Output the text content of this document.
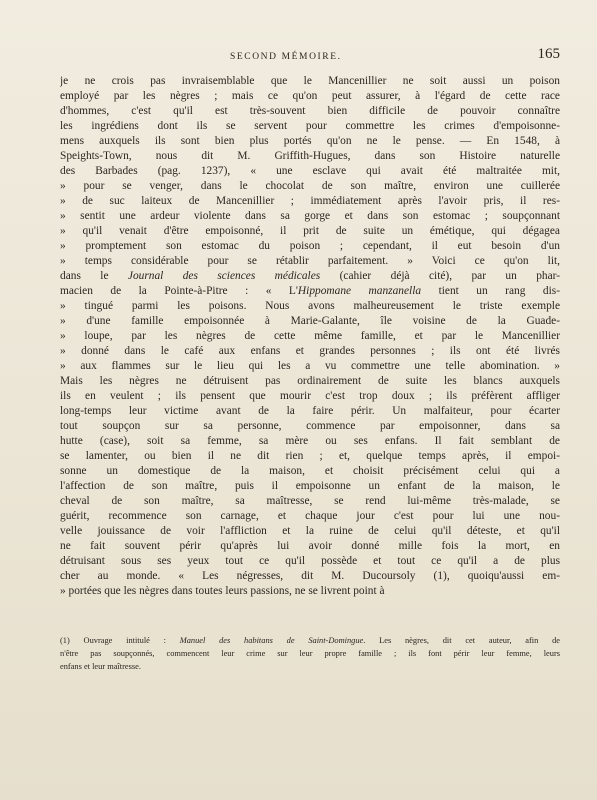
SECOND MÉMOIRE.	165
je ne crois pas invraisemblable que le Mancenillier ne soit aussi un poison
employé par les nègres ; mais ce qu'on peut assurer, à l'égard de cette race
d'hommes, c'est qu'il est très-souvent bien difficile de pouvoir connaître
les ingrédiens dont ils se servent pour commettre les crimes d'empoisonne-
mens auxquels ils sont bien plus portés qu'on ne le pense. — En 1548, à
Speights-Town, nous dit M. Griffith-Hugues, dans son Histoire naturelle
des Barbades (pag. 1237), « une esclave qui avait été maltraitée mit,
» pour se venger, dans le chocolat de son maître, environ une cuillerée
» de suc laiteux de Mancenillier ; immédiatement après l'avoir pris, il res-
» sentit une ardeur violente dans sa gorge et dans son estomac ; soupçonnant
» qu'il venait d'être empoisonné, il prit de suite un émétique, qui dégagea
» promptement son estomac du poison ; cependant, il eut besoin d'un
» temps considérable pour se rétablir parfaitement. » Voici ce qu'on lit,
dans le Journal des sciences médicales (cahier déjà cité), par un phar-
macien de la Pointe-à-Pitre : « L'Hippomane manzanella tient un rang dis-
» tingué parmi les poisons. Nous avons malheureusement le triste exemple
» d'une famille empoisonnée à Marie-Galante, île voisine de la Guade-
» loupe, par les nègres de cette même famille, et par le Mancenillier
» donné dans le café aux enfans et grandes personnes ; ils ont été livrés
» aux flammes sur le lieu qui les a vu commettre une telle abomination. »
Mais les nègres ne détruisent pas ordinairement de suite les blancs auxquels
ils en veulent ; ils pensent que mourir c'est trop doux ; ils préfèrent affliger
long-temps leur victime avant de la faire périr. Un malfaiteur, pour écarter
tout soupçon sur sa personne, commence par empoisonner, dans sa
hutte (case), soit sa femme, sa mère ou ses enfans. Il fait semblant de
se lamenter, ou bien il ne dit rien ; et, quelque temps après, il empoi-
sonne un domestique de la maison, et choisit précisément celui qui a
l'affection de son maître, puis il empoisonne un enfant de la maison, le
cheval de son maître, sa maîtresse, se rend lui-même très-malade, se
guérit, recommence son carnage, et chaque jour c'est pour lui une nou-
velle jouissance de voir l'affliction et la ruine de celui qu'il déteste, et qu'il
ne fait souvent périr qu'après lui avoir donné mille fois la mort, en
détruisant sous ses yeux tout ce qu'il possède et tout ce qu'il a de plus
cher au monde. « Les négresses, dit M. Ducoursoly (1), quoiqu'aussi em-
» portées que les nègres dans toutes leurs passions, ne se livrent point à
(1) Ouvrage intitulé : Manuel des habitans de Saint-Domingue. Les nègres, dit cet auteur, afin de
n'être pas soupçonnés, commencent leur crime sur leur propre famille ; ils font périr leur femme, leurs
enfans et leur maîtresse.
